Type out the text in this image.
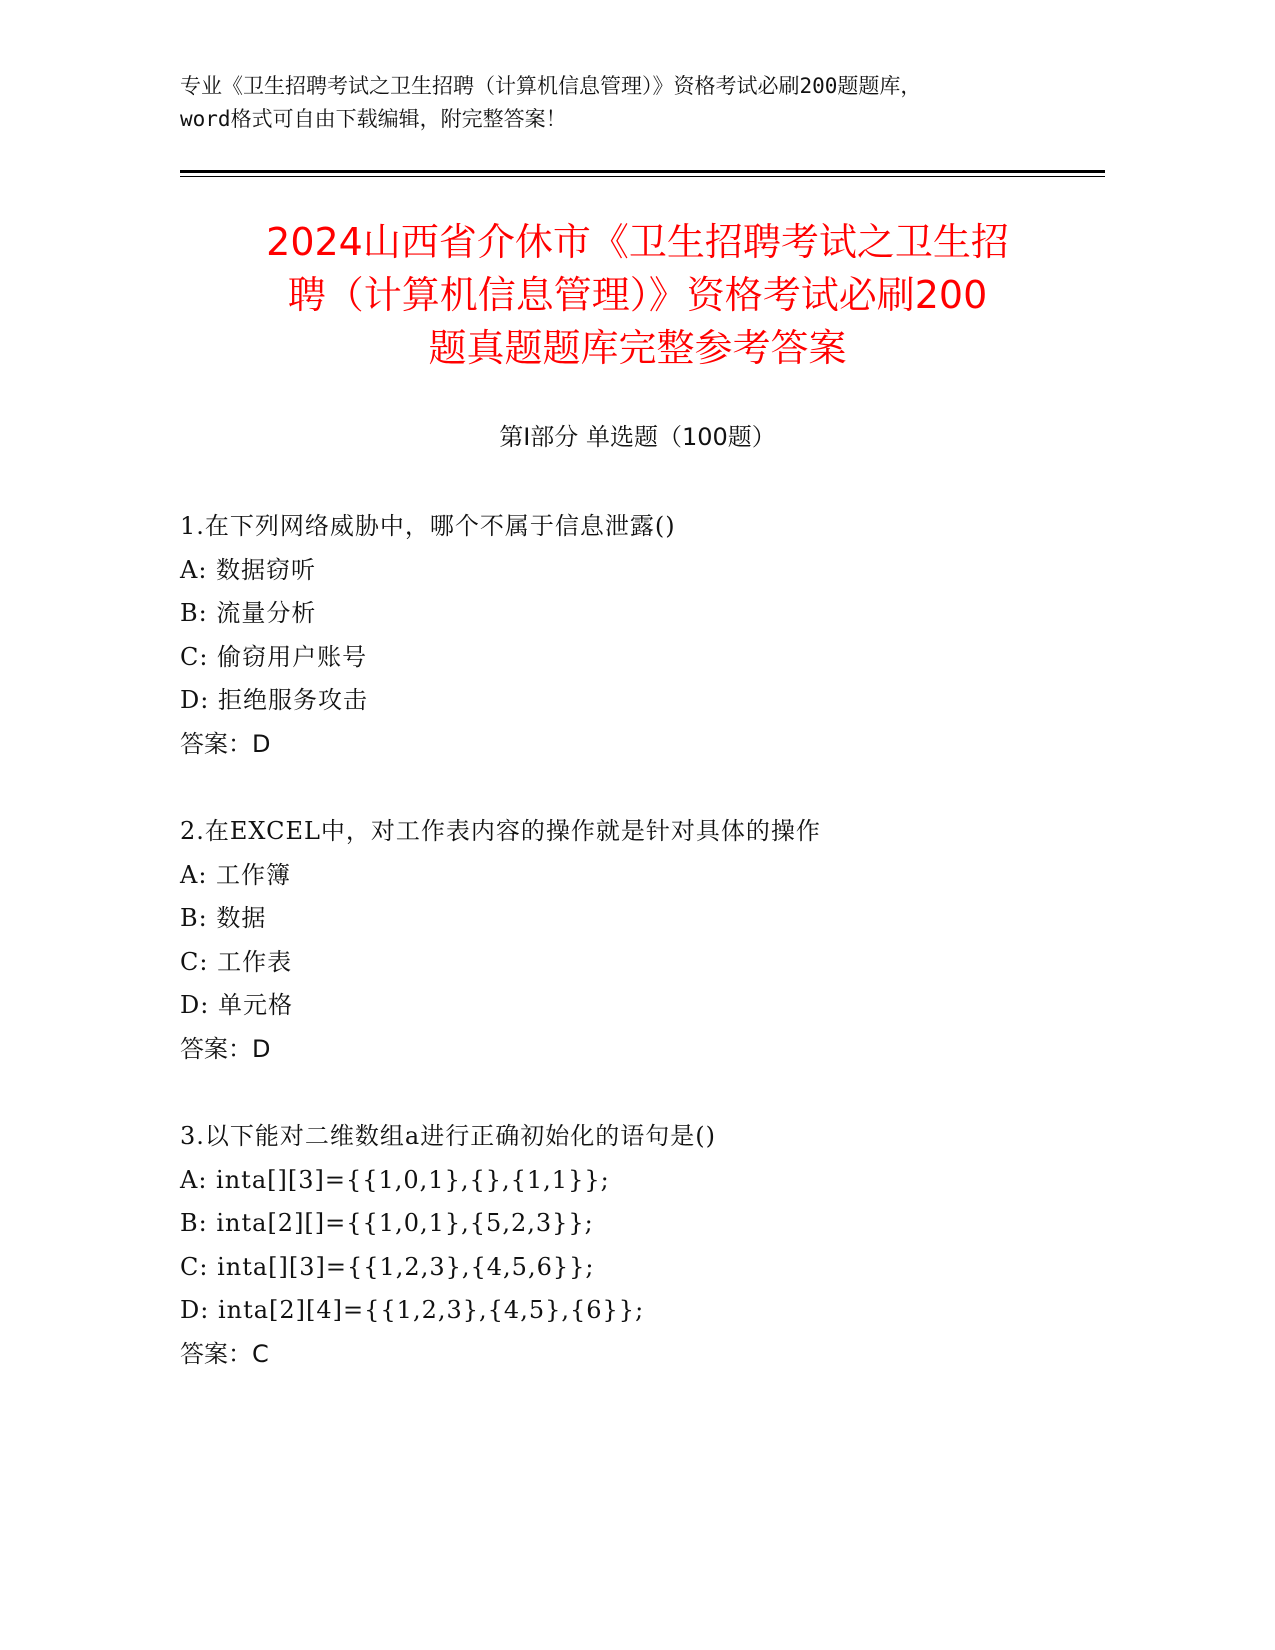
专业《卫生招聘考试之卫生招聘（计算机信息管理）》资格考试必刷200题题库，
word格式可自由下载编辑，附完整答案！
2024山西省介休市《卫生招聘考试之卫生招
聘（计算机信息管理）》资格考试必刷200
题真题题库完整参考答案
第Ⅰ部分 单选题（100题）
1.在下列网络威胁中，哪个不属于信息泄露()
A: 数据窃听
B: 流量分析
C: 偷窃用户账号
D: 拒绝服务攻击
答案：D
2.在EXCEL中，对工作表内容的操作就是针对具体的操作
A: 工作簿
B: 数据
C: 工作表
D: 单元格
答案：D
3.以下能对二维数组a进行正确初始化的语句是()
A: inta[][3]={{1,0,1},{},{1,1}};
B: inta[2][]={{1,0,1},{5,2,3}};
C: inta[][3]={{1,2,3},{4,5,6}};
D: inta[2][4]={{1,2,3},{4,5},{6}};
答案：C
